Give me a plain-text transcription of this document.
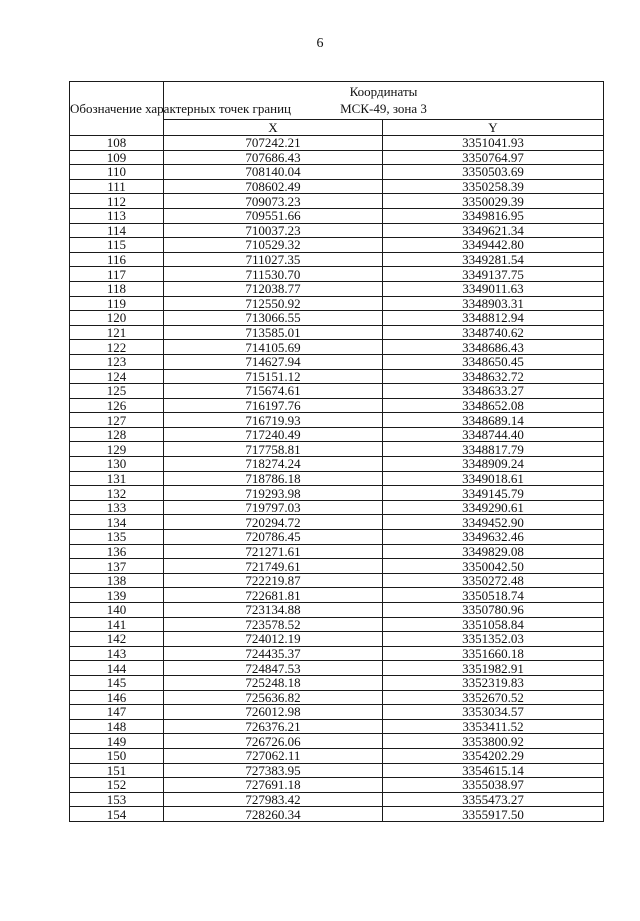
6
Обозначение характерных точек границ	Координаты
МСК-49, зона 3	
	X	Y
108	707242.21	3351041.93
109	707686.43	3350764.97
110	708140.04	3350503.69
111	708602.49	3350258.39
112	709073.23	3350029.39
113	709551.66	3349816.95
114	710037.23	3349621.34
115	710529.32	3349442.80
116	711027.35	3349281.54
117	711530.70	3349137.75
118	712038.77	3349011.63
119	712550.92	3348903.31
120	713066.55	3348812.94
121	713585.01	3348740.62
122	714105.69	3348686.43
123	714627.94	3348650.45
124	715151.12	3348632.72
125	715674.61	3348633.27
126	716197.76	3348652.08
127	716719.93	3348689.14
128	717240.49	3348744.40
129	717758.81	3348817.79
130	718274.24	3348909.24
131	718786.18	3349018.61
132	719293.98	3349145.79
133	719797.03	3349290.61
134	720294.72	3349452.90
135	720786.45	3349632.46
136	721271.61	3349829.08
137	721749.61	3350042.50
138	722219.87	3350272.48
139	722681.81	3350518.74
140	723134.88	3350780.96
141	723578.52	3351058.84
142	724012.19	3351352.03
143	724435.37	3351660.18
144	724847.53	3351982.91
145	725248.18	3352319.83
146	725636.82	3352670.52
147	726012.98	3353034.57
148	726376.21	3353411.52
149	726726.06	3353800.92
150	727062.11	3354202.29
151	727383.95	3354615.14
152	727691.18	3355038.97
153	727983.42	3355473.27
154	728260.34	3355917.50
